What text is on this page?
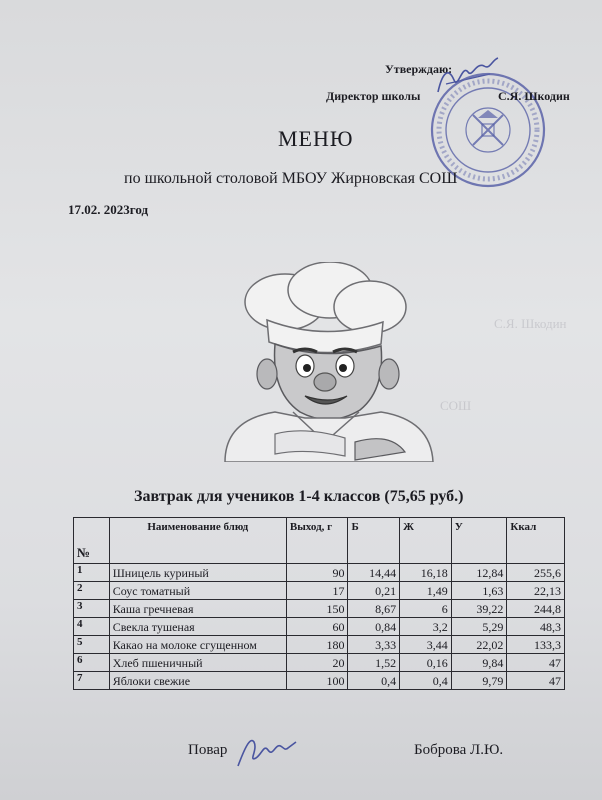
С.Я. Шкодин
СОШ
Утверждаю:
Директор школы	С.Я. Шкодин
МЕНЮ
по школьной столовой МБОУ Жирновская СОШ
17.02. 2023год
Завтрак для учеников 1-4 классов (75,65 руб.)
№	Наименование блюд	Выход, г	Б	Ж	У	Ккал
1	Шницель куриный	90	14,44	16,18	12,84	255,6
2	Соус томатный	17	0,21	1,49	1,63	22,13
3	Каша гречневая	150	8,67	6	39,22	244,8
4	Свекла тушеная	60	0,84	3,2	5,29	48,3
5	Какао на молоке сгущенном	180	3,33	3,44	22,02	133,3
6	Хлеб пшеничный	20	1,52	0,16	9,84	47
7	Яблоки свежие	100	0,4	0,4	9,79	47
Повар	Боброва Л.Ю.
